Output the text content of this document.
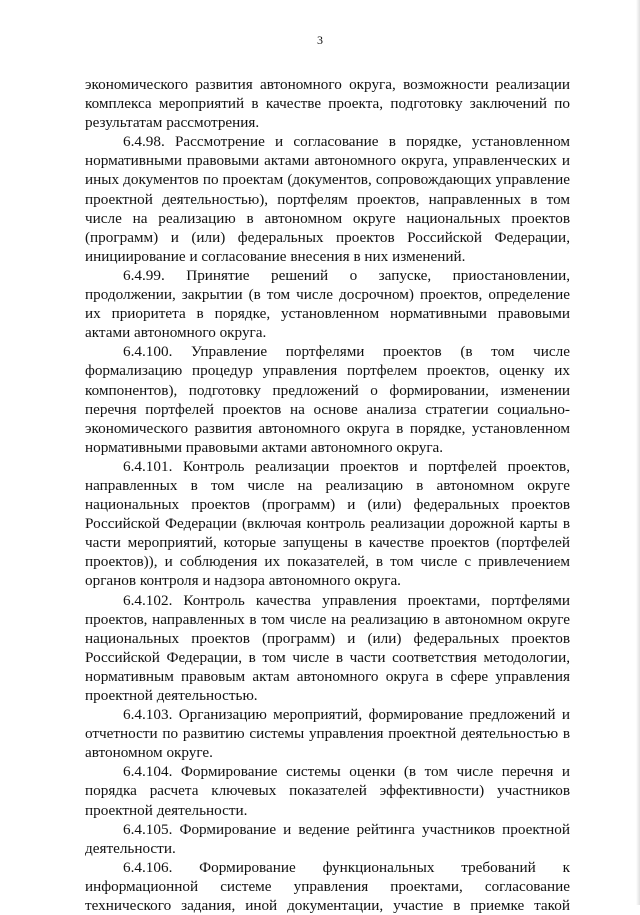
3

экономического развития автономного округа, возможности реализации комплекса мероприятий в качестве проекта, подготовку заключений по результатам рассмотрения.

6.4.98. Рассмотрение и согласование в порядке, установленном нормативными правовыми актами автономного округа, управленческих и иных документов по проектам (документов, сопровождающих управление проектной деятельностью), портфелям проектов, направленных в том числе на реализацию в автономном округе национальных проектов (программ) и (или) федеральных проектов Российской Федерации, инициирование и согласование внесения в них изменений.

6.4.99. Принятие решений о запуске, приостановлении, продолжении, закрытии (в том числе досрочном) проектов, определение их приоритета в порядке, установленном нормативными правовыми актами автономного округа.

6.4.100. Управление портфелями проектов (в том числе формализацию процедур управления портфелем проектов, оценку их компонентов), подготовку предложений о формировании, изменении перечня портфелей проектов на основе анализа стратегии социально-экономического развития автономного округа в порядке, установленном нормативными правовыми актами автономного округа.

6.4.101. Контроль реализации проектов и портфелей проектов, направленных в том числе на реализацию в автономном округе национальных проектов (программ) и (или) федеральных проектов Российской Федерации (включая контроль реализации дорожной карты в части мероприятий, которые запущены в качестве проектов (портфелей проектов)), и соблюдения их показателей, в том числе с привлечением органов контроля и надзора автономного округа.

6.4.102. Контроль качества управления проектами, портфелями проектов, направленных в том числе на реализацию в автономном округе национальных проектов (программ) и (или) федеральных проектов Российской Федерации, в том числе в части соответствия методологии, нормативным правовым актам автономного округа в сфере управления проектной деятельностью.

6.4.103. Организацию мероприятий, формирование предложений и отчетности по развитию системы управления проектной деятельностью в автономном округе.

6.4.104. Формирование системы оценки (в том числе перечня и порядка расчета ключевых показателей эффективности) участников проектной деятельности.

6.4.105. Формирование и ведение рейтинга участников проектной деятельности.

6.4.106. Формирование функциональных требований к информационной системе управления проектами, согласование технического задания, иной документации, участие в приемке такой
